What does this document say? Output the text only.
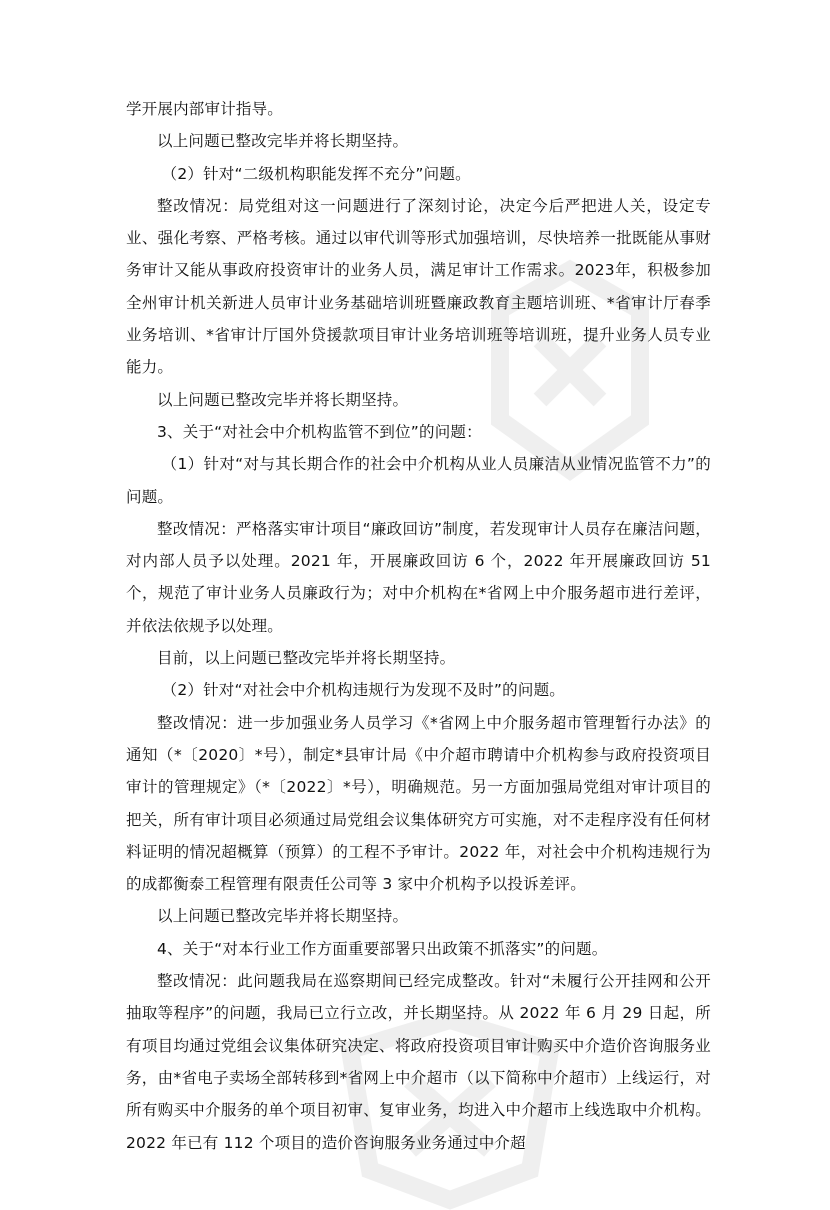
学开展内部审计指导。

以上问题已整改完毕并将长期坚持。

（2）针对“二级机构职能发挥不充分”问题。

整改情况：局党组对这一问题进行了深刻讨论，决定今后严把进人关，设定专业、强化考察、严格考核。通过以审代训等形式加强培训，尽快培养一批既能从事财务审计又能从事政府投资审计的业务人员，满足审计工作需求。2023年，积极参加全州审计机关新进人员审计业务基础培训班暨廉政教育主题培训班、*省审计厅春季业务培训、*省审计厅国外贷援款项目审计业务培训班等培训班，提升业务人员专业能力。

以上问题已整改完毕并将长期坚持。

3、关于“对社会中介机构监管不到位”的问题：

（1）针对“对与其长期合作的社会中介机构从业人员廉洁从业情况监管不力”的问题。

整改情况：严格落实审计项目“廉政回访”制度，若发现审计人员存在廉洁问题，对内部人员予以处理。2021 年，开展廉政回访 6 个，2022 年开展廉政回访 51 个，规范了审计业务人员廉政行为；对中介机构在*省网上中介服务超市进行差评，并依法依规予以处理。

目前，以上问题已整改完毕并将长期坚持。

（2）针对“对社会中介机构违规行为发现不及时”的问题。

整改情况：进一步加强业务人员学习《*省网上中介服务超市管理暂行办法》的通知（*〔2020〕*号），制定*县审计局《中介超市聘请中介机构参与政府投资项目审计的管理规定》（*〔2022〕*号），明确规范。另一方面加强局党组对审计项目的把关，所有审计项目必须通过局党组会议集体研究方可实施，对不走程序没有任何材料证明的情况超概算（预算）的工程不予审计。2022 年，对社会中介机构违规行为的成都衡泰工程管理有限责任公司等 3 家中介机构予以投诉差评。

以上问题已整改完毕并将长期坚持。

4、关于“对本行业工作方面重要部署只出政策不抓落实”的问题。

整改情况：此问题我局在巡察期间已经完成整改。针对“未履行公开挂网和公开抽取等程序”的问题，我局已立行立改，并长期坚持。从 2022 年 6 月 29 日起，所有项目均通过党组会议集体研究决定、将政府投资项目审计购买中介造价咨询服务业务，由*省电子卖场全部转移到*省网上中介超市（以下简称中介超市）上线运行，对所有购买中介服务的单个项目初审、复审业务，均进入中介超市上线选取中介机构。2022 年已有 112 个项目的造价咨询服务业务通过中介超
